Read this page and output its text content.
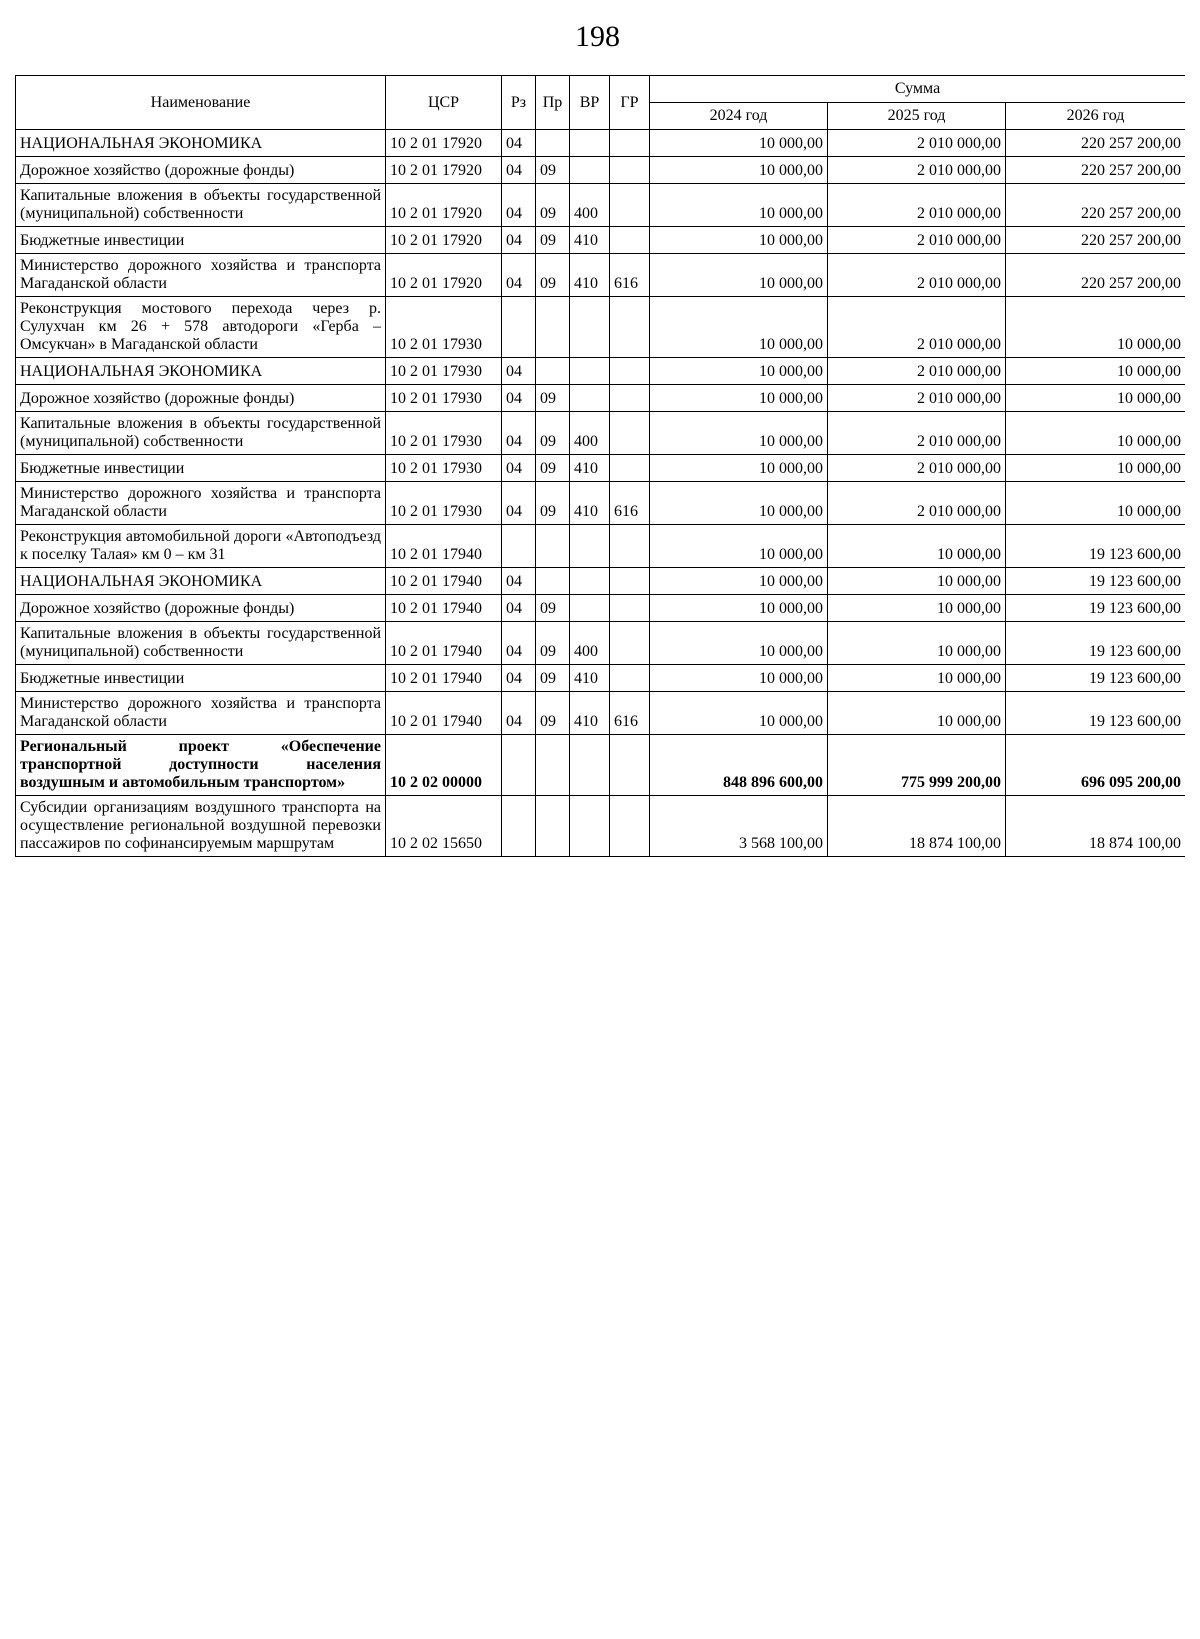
198
Наименование	ЦСР	Рз	Пр	ВР	ГР	Сумма		
						2024 год	2025 год	2026 год
НАЦИОНАЛЬНАЯ ЭКОНОМИКА	10 2 01 17920	04				10 000,00	2 010 000,00	220 257 200,00
Дорожное хозяйство (дорожные фонды)	10 2 01 17920	04	09			10 000,00	2 010 000,00	220 257 200,00
Капитальные вложения в объекты государственной (муниципальной) собственности	10 2 01 17920	04	09	400		10 000,00	2 010 000,00	220 257 200,00
Бюджетные инвестиции	10 2 01 17920	04	09	410		10 000,00	2 010 000,00	220 257 200,00
Министерство дорожного хозяйства и транспорта Магаданской области	10 2 01 17920	04	09	410	616	10 000,00	2 010 000,00	220 257 200,00
Реконструкция мостового перехода через р. Сулухчан км 26 + 578 автодороги «Герба – Омсукчан» в Магаданской области	10 2 01 17930					10 000,00	2 010 000,00	10 000,00
НАЦИОНАЛЬНАЯ ЭКОНОМИКА	10 2 01 17930	04				10 000,00	2 010 000,00	10 000,00
Дорожное хозяйство (дорожные фонды)	10 2 01 17930	04	09			10 000,00	2 010 000,00	10 000,00
Капитальные вложения в объекты государственной (муниципальной) собственности	10 2 01 17930	04	09	400		10 000,00	2 010 000,00	10 000,00
Бюджетные инвестиции	10 2 01 17930	04	09	410		10 000,00	2 010 000,00	10 000,00
Министерство дорожного хозяйства и транспорта Магаданской области	10 2 01 17930	04	09	410	616	10 000,00	2 010 000,00	10 000,00
Реконструкция автомобильной дороги «Автоподъезд к поселку Талая» км 0 – км 31	10 2 01 17940					10 000,00	10 000,00	19 123 600,00
НАЦИОНАЛЬНАЯ ЭКОНОМИКА	10 2 01 17940	04				10 000,00	10 000,00	19 123 600,00
Дорожное хозяйство (дорожные фонды)	10 2 01 17940	04	09			10 000,00	10 000,00	19 123 600,00
Капитальные вложения в объекты государственной (муниципальной) собственности	10 2 01 17940	04	09	400		10 000,00	10 000,00	19 123 600,00
Бюджетные инвестиции	10 2 01 17940	04	09	410		10 000,00	10 000,00	19 123 600,00
Министерство дорожного хозяйства и транспорта Магаданской области	10 2 01 17940	04	09	410	616	10 000,00	10 000,00	19 123 600,00
Региональный проект «Обеспечение транспортной доступности населения воздушным и автомобильным транспортом»	10 2 02 00000					848 896 600,00	775 999 200,00	696 095 200,00
Субсидии организациям воздушного транспорта на осуществление региональной воздушной перевозки пассажиров по софинансируемым маршрутам	10 2 02 15650					3 568 100,00	18 874 100,00	18 874 100,00
